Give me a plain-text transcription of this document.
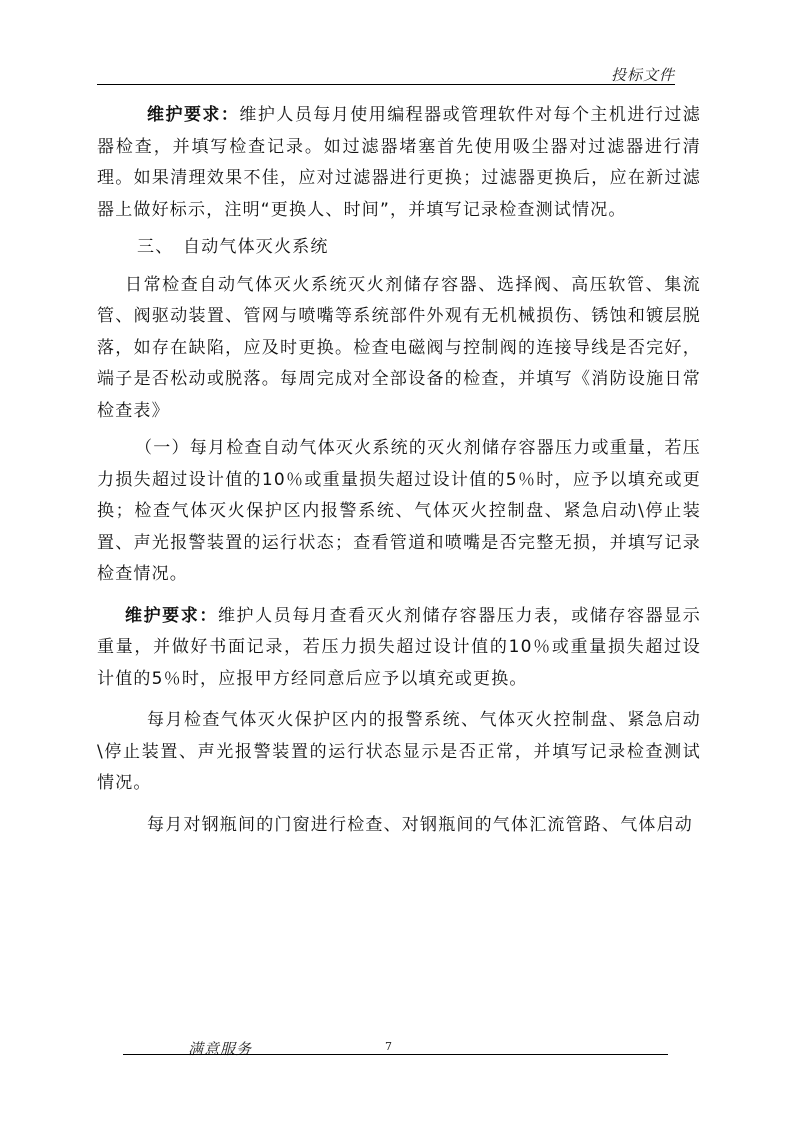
投标文件

维护要求：维护人员每月使用编程器或管理软件对每个主机进行过滤器检查，并填写检查记录。如过滤器堵塞首先使用吸尘器对过滤器进行清理。如果清理效果不佳，应对过滤器进行更换；过滤器更换后，应在新过滤器上做好标示，注明“更换人、时间”，并填写记录检查测试情况。

三、 自动气体灭火系统

日常检查自动气体灭火系统灭火剂储存容器、选择阀、高压软管、集流管、阀驱动装置、管网与喷嘴等系统部件外观有无机械损伤、锈蚀和镀层脱落，如存在缺陷，应及时更换。检查电磁阀与控制阀的连接导线是否完好，端子是否松动或脱落。每周完成对全部设备的检查，并填写《消防设施日常检查表》

（一）每月检查自动气体灭火系统的灭火剂储存容器压力或重量，若压力损失超过设计值的10％或重量损失超过设计值的5％时，应予以填充或更换；检查气体灭火保护区内报警系统、气体灭火控制盘、紧急启动\停止装置、声光报警装置的运行状态；查看管道和喷嘴是否完整无损，并填写记录检查情况。

维护要求：维护人员每月查看灭火剂储存容器压力表，或储存容器显示重量，并做好书面记录，若压力损失超过设计值的10％或重量损失超过设计值的5％时，应报甲方经同意后应予以填充或更换。

每月检查气体灭火保护区内的报警系统、气体灭火控制盘、紧急启动\停止装置、声光报警装置的运行状态显示是否正常，并填写记录检查测试情况。

每月对钢瓶间的门窗进行检查、对钢瓶间的气体汇流管路、气体启动

满意服务	7
